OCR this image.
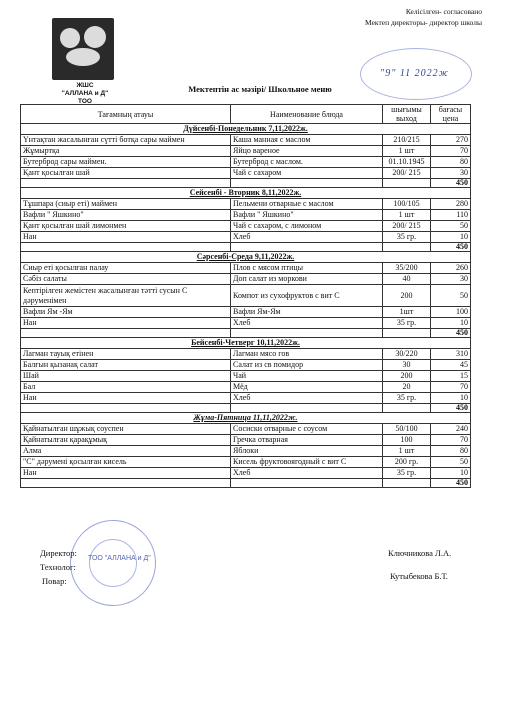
ЖШС
"АЛЛАНА и Д"
ТОО
Келісілген- согласовано
Мектеп директоры- директор школы
"9" 11 2022ж
Мектептін ас мәзірі/ Школьное меню
Тағамның атауы	Наименование блюда	шығымы выход	бағасы цена
Дүйсенбі-Понедельник 7,11,2022ж.			
Үнтақтан жасалынған сүтті ботқа сары маймен	Каша манная с маслом	210/215	270
Жұмыртқа	Яйцо вареное	1 шт	70
Бутерброд сары маймен.	Бутерброд с маслом.	01.10.1945	80
Қант қосылған шай	Чай с сахаром	200/ 215	30
			450
Сейсенбі - Вторник 8,11,2022ж.			
Тұшпара (сиыр еті) маймен	Пельмени отварные с маслом	100/105	280
Вафли " Яшкино"	Вафли " Яшкино"	1 шт	110
Қант қосылған шай лимонмен	Чай с сахаром, с лимоном	200/ 215	50
Нан	Хлеб	35 гр.	10
			450
Сәрсенбі-Среда 9,11,2022ж.			
Сиыр еті қосылған палау	Плов с мясом птицы	35/200	260
Сәбіз салаты	Доп салат из моркови	40	30
Кептірілген жемістен жасалынған тәтті сусын С дәруменімен	Компот из сухофруктов с вит С	200	50
Вафли Ям -Ям	Вафли Ям-Ям	1шт	100
Нан	Хлеб	35 гр.	10
			450
Бейсенбі-Четверг 10,11,2022ж.			
Лагман тауық етінен	Лагман мясо гов	30/220	310
Балғын қызанақ салат	Салат из св помидор	30	45
Шай	Чай	200	15
Бал	Мёд	20	70
Нан	Хлеб	35 гр.	10
			450
Жұма-Пятница 11,11,2022ж.			
Қайнатылған шұжық соуспен	Сосиски отварные с соусом	50/100	240
Қайнатылған қарақұмық	Гречка отварная	100	70
Алма	Яблоки	1 шт	80
"С" дәрумені қосылған кисель	Кисель фруктовоягодный с вит С	200 гр.	50
Нан	Хлеб	35 гр.	10
			450
ТОО "АЛЛАНА и Д"
Директор:
Технолог:
Повар:
Ключникова Л.А.
Кутыбекова Б.Т.
